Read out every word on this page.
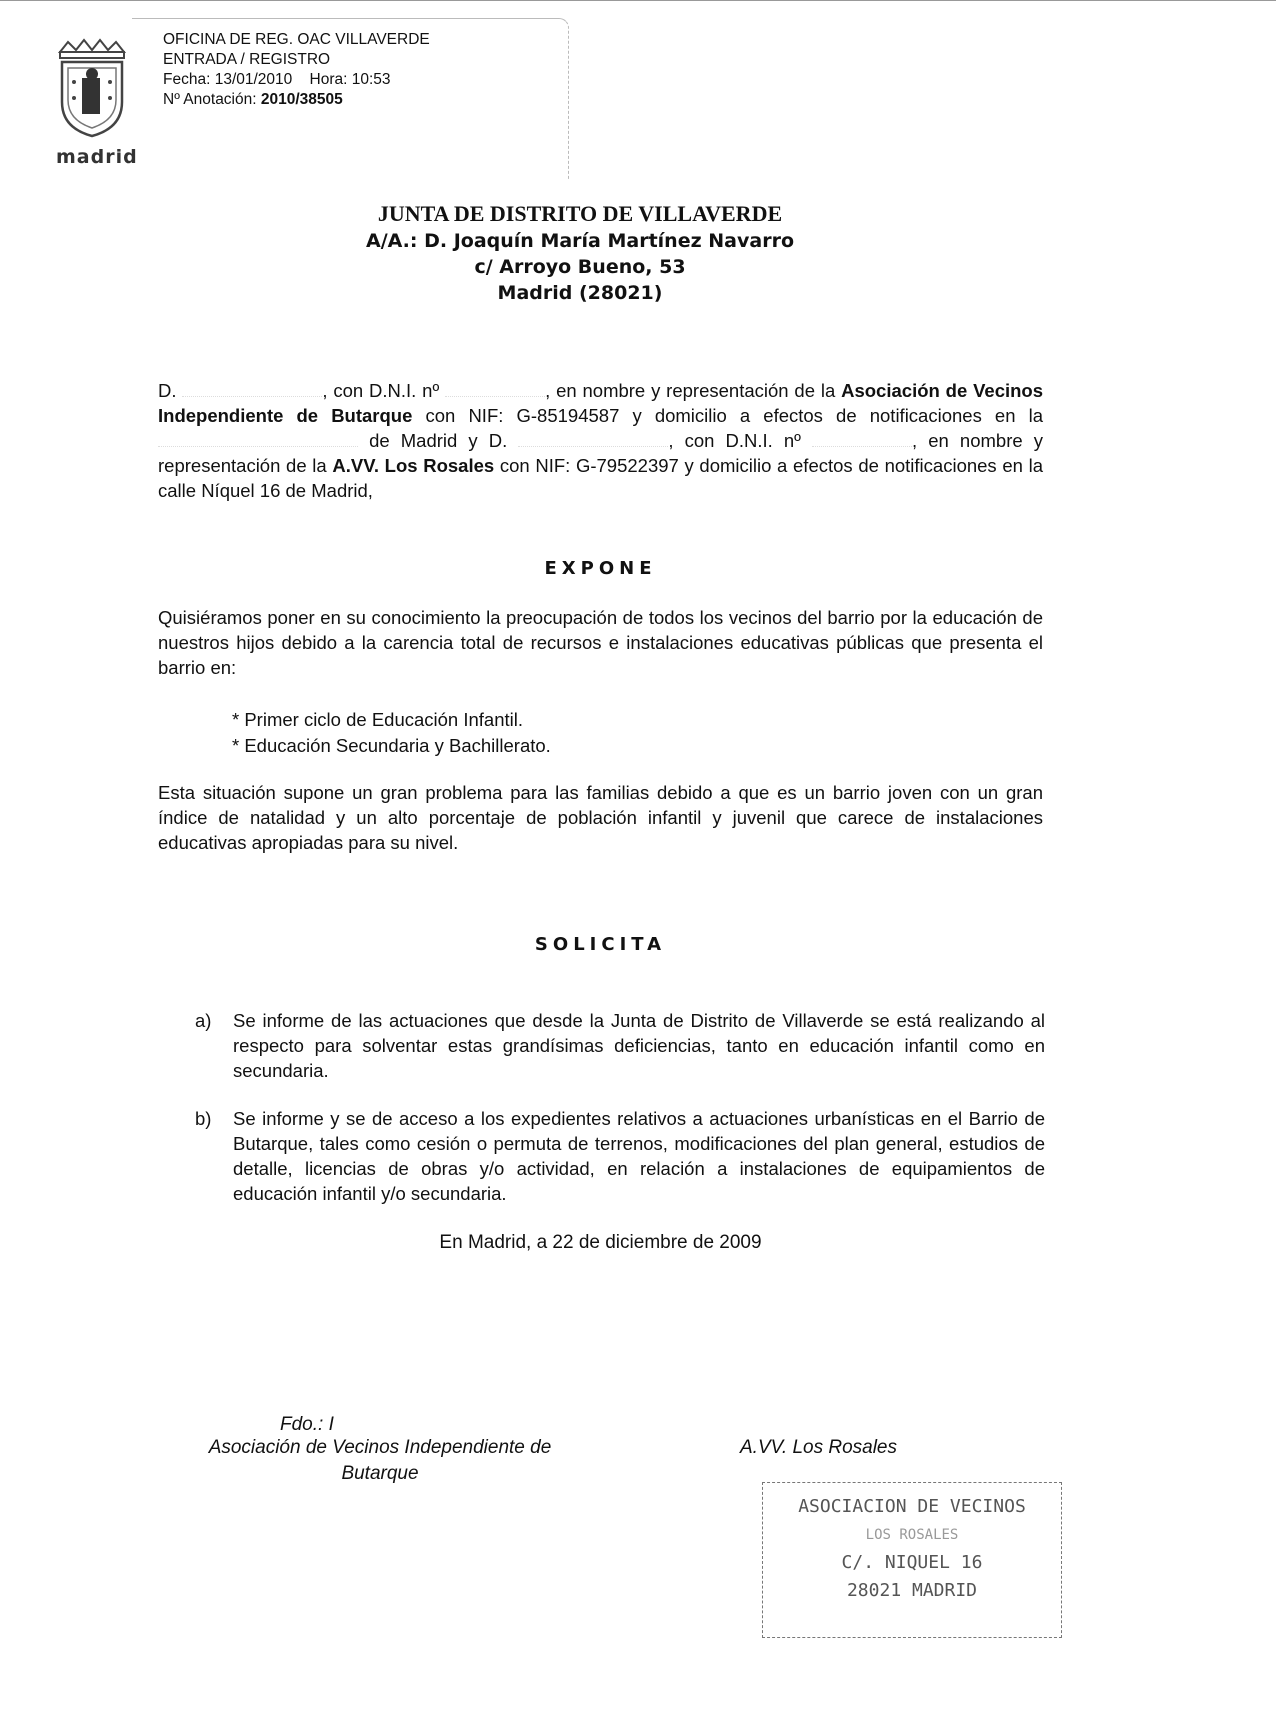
OFICINA DE REG. OAC VILLAVERDE
ENTRADA / REGISTRO
Fecha: 13/01/2010 Hora: 10:53
Nº Anotación: 2010/38505
madrid
JUNTA DE DISTRITO DE VILLAVERDE
A/A.: D. Joaquín María Martínez Navarro
c/ Arroyo Bueno, 53
Madrid (28021)
D.	, con D.N.I. nº	, en nombre y representación de la Asociación de Vecinos Independiente de Butarque con NIF: G-85194587 y domicilio a efectos de notificaciones en la  de Madrid y D.	, con D.N.I. nº	, en nombre y representación de la A.VV. Los Rosales con NIF: G-79522397 y domicilio a efectos de notificaciones en la calle Níquel 16 de Madrid,
EXPONE
Quisiéramos poner en su conocimiento la preocupación de todos los vecinos del barrio por la educación de nuestros hijos debido a la carencia total de recursos e instalaciones educativas públicas que presenta el barrio en:
* Primer ciclo de Educación Infantil.
* Educación Secundaria y Bachillerato.
Esta situación supone un gran problema para las familias debido a que es un barrio joven con un gran índice de natalidad y un alto porcentaje de población infantil y juvenil que carece de instalaciones educativas apropiadas para su nivel.
SOLICITA
a) Se informe de las actuaciones que desde la Junta de Distrito de Villaverde se está realizando al respecto para solventar estas grandísimas deficiencias, tanto en educación infantil como en secundaria.
b) Se informe y se de acceso a los expedientes relativos a actuaciones urbanísticas en el Barrio de Butarque, tales como cesión o permuta de terrenos, modificaciones del plan general, estudios de detalle, licencias de obras y/o actividad, en relación a instalaciones de equipamientos de educación infantil y/o secundaria.
En Madrid, a 22 de diciembre de 2009
Fdo.: I
Asociación de Vecinos Independiente de
Butarque
A.VV. Los Rosales
ASOCIACION DE VECINOS
LOS ROSALES
C/. NIQUEL 16
28021 MADRID
